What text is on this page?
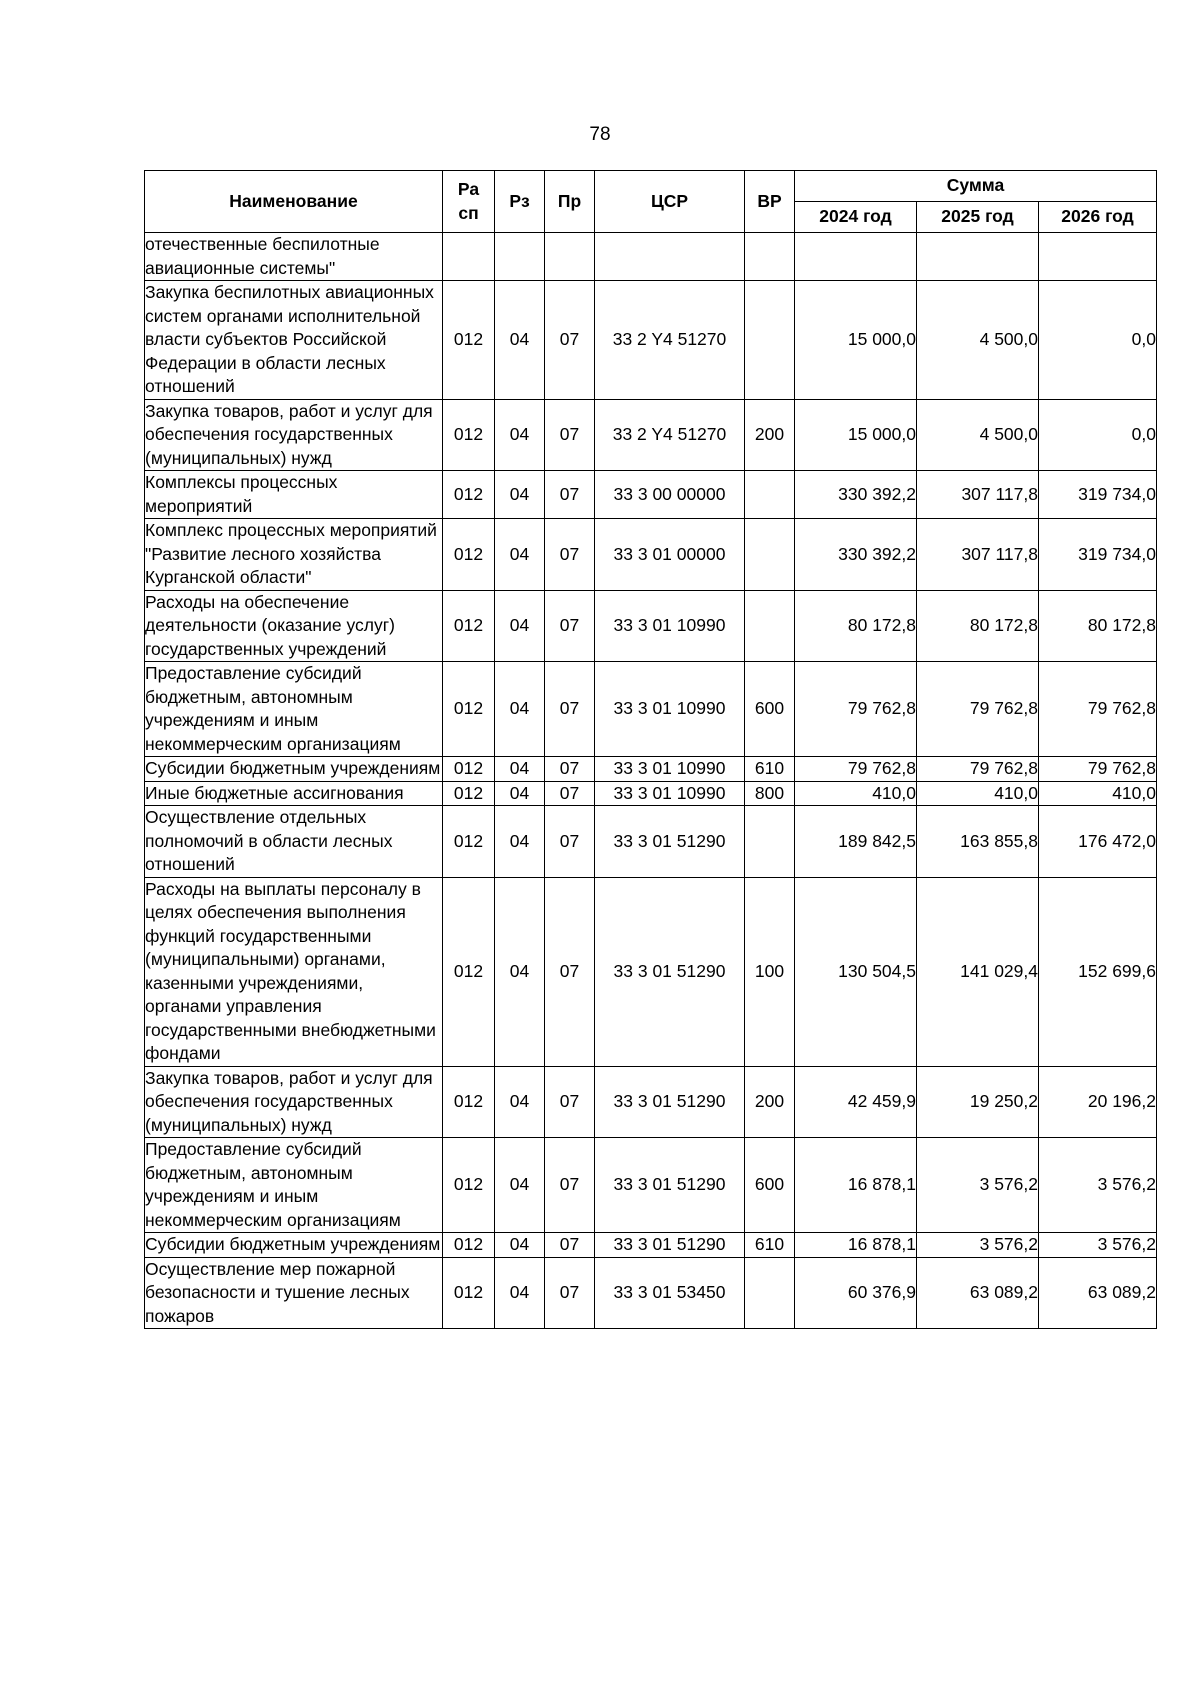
78
Наименование	Ра
сп	Рз	Пр	ЦСР	ВР	Сумма		
						2024 год	2025 год	2026 год
отечественные беспилотные авиационные системы"								
Закупка беспилотных авиационных систем органами исполнительной власти субъектов Российской Федерации в области лесных отношений	012	04	07	33 2 Y4 51270		15 000,0	4 500,0	0,0
Закупка товаров, работ и услуг для обеспечения государственных (муниципальных) нужд	012	04	07	33 2 Y4 51270	200	15 000,0	4 500,0	0,0
Комплексы процессных мероприятий	012	04	07	33 3 00 00000		330 392,2	307 117,8	319 734,0
Комплекс процессных мероприятий "Развитие лесного хозяйства Курганской области"	012	04	07	33 3 01 00000		330 392,2	307 117,8	319 734,0
Расходы на обеспечение деятельности (оказание услуг) государственных учреждений	012	04	07	33 3 01 10990		80 172,8	80 172,8	80 172,8
Предоставление субсидий бюджетным, автономным учреждениям и иным некоммерческим организациям	012	04	07	33 3 01 10990	600	79 762,8	79 762,8	79 762,8
Субсидии бюджетным учреждениям	012	04	07	33 3 01 10990	610	79 762,8	79 762,8	79 762,8
Иные бюджетные ассигнования	012	04	07	33 3 01 10990	800	410,0	410,0	410,0
Осуществление отдельных полномочий в области лесных отношений	012	04	07	33 3 01 51290		189 842,5	163 855,8	176 472,0
Расходы на выплаты персоналу в целях обеспечения выполнения функций государственными (муниципальными) органами, казенными учреждениями, органами управления государственными внебюджетными фондами	012	04	07	33 3 01 51290	100	130 504,5	141 029,4	152 699,6
Закупка товаров, работ и услуг для обеспечения государственных (муниципальных) нужд	012	04	07	33 3 01 51290	200	42 459,9	19 250,2	20 196,2
Предоставление субсидий бюджетным, автономным учреждениям и иным некоммерческим организациям	012	04	07	33 3 01 51290	600	16 878,1	3 576,2	3 576,2
Субсидии бюджетным учреждениям	012	04	07	33 3 01 51290	610	16 878,1	3 576,2	3 576,2
Осуществление мер пожарной безопасности и тушение лесных пожаров	012	04	07	33 3 01 53450		60 376,9	63 089,2	63 089,2
